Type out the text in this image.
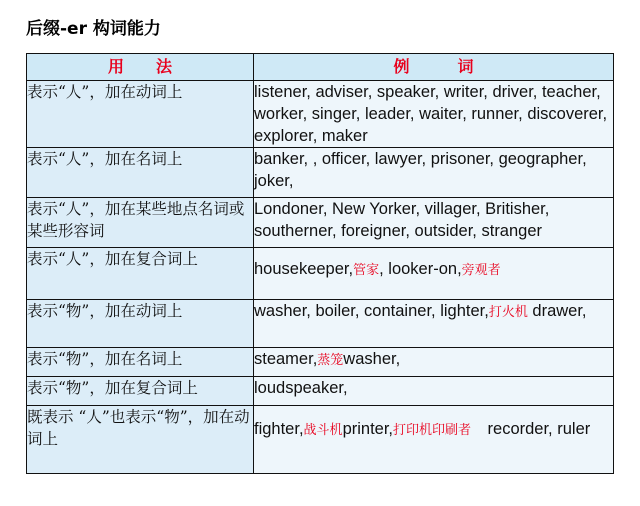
后缀-er 构词能力
用　　法	例　　　词

表示“人”，加在动词上	listener, adviser, speaker, writer, driver, teacher, worker, singer, leader, waiter, runner, discoverer, explorer, maker
表示“人”，加在名词上	banker, , officer, lawyer, prisoner, geographer, joker,
表示“人”，加在某些地点名词或某些形容词	Londoner, New Yorker, villager, Britisher, southerner, foreigner, outsider, stranger
表示“人”，加在复合词上	housekeeper,管家, looker-on,旁观者
表示“物”，加在动词上	washer, boiler, container, lighter,打火机 drawer,
表示“物”，加在名词上	steamer,蒸笼washer,
表示“物”，加在复合词上	loudspeaker,
既表示 “人”也表示“物”，加在动词上	fighter,战斗机printer,打印机印刷者　recorder, ruler
